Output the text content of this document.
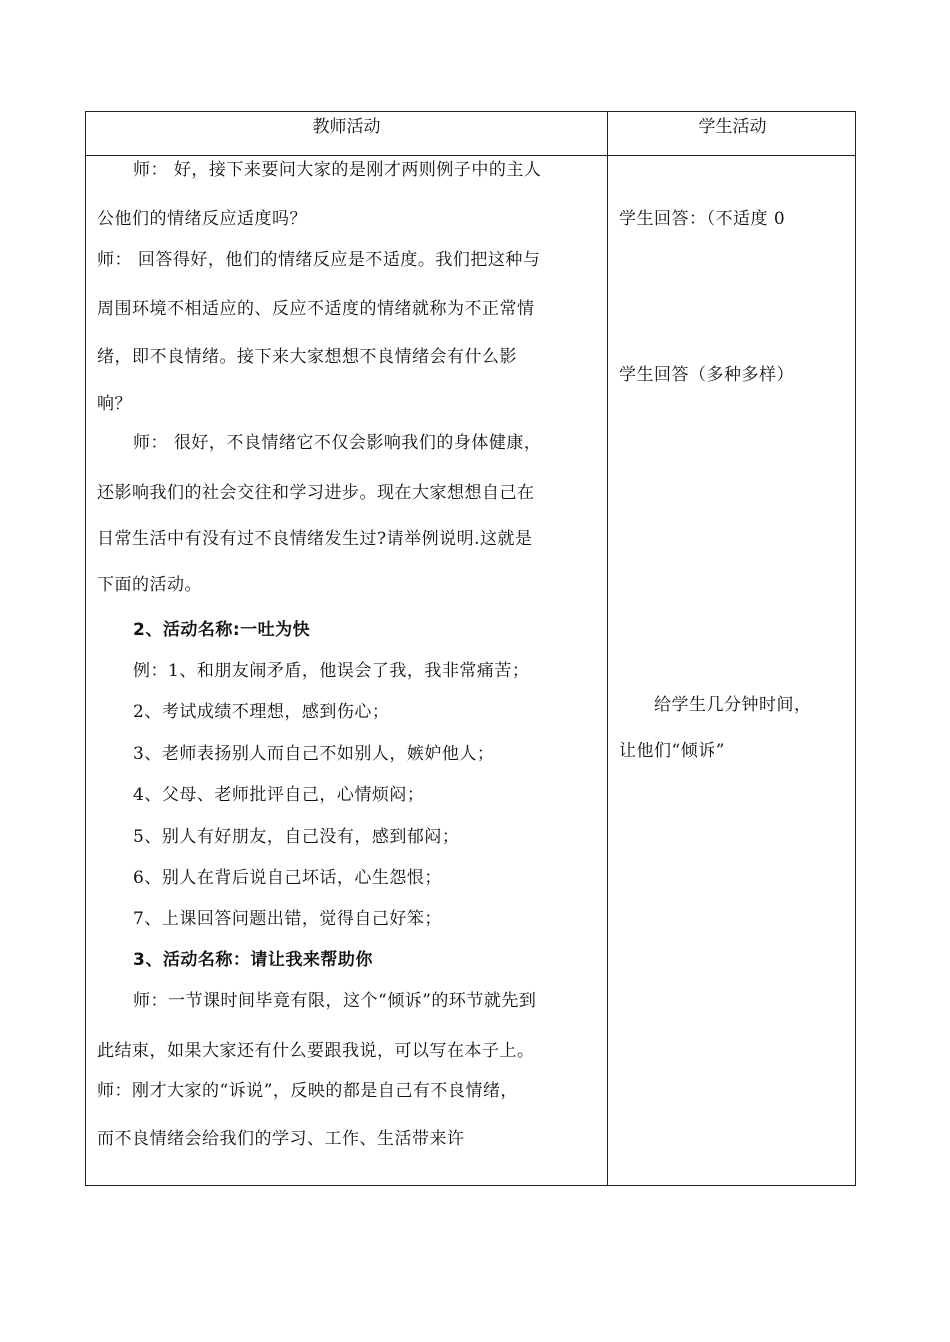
教师活动	学生活动
师： 好，接下来要问大家的是刚才两则例子中的主人
公他们的情绪反应适度吗？
师： 回答得好，他们的情绪反应是不适度。我们把这种与
周围环境不相适应的、反应不适度的情绪就称为不正常情
绪，即不良情绪。接下来大家想想不良情绪会有什么影
响？
师： 很好，不良情绪它不仅会影响我们的身体健康，
还影响我们的社会交往和学习进步。现在大家想想自己在
日常生活中有没有过不良情绪发生过?请举例说明.这就是
下面的活动。
2、活动名称:一吐为快
例：1、和朋友闹矛盾，他误会了我，我非常痛苦；
2、考试成绩不理想，感到伤心；
3、老师表扬别人而自己不如别人，嫉妒他人；
4、父母、老师批评自己，心情烦闷；
5、别人有好朋友，自己没有，感到郁闷；
6、别人在背后说自己坏话，心生怨恨；
7、上课回答问题出错，觉得自己好笨；
3、活动名称：请让我来帮助你
师：一节课时间毕竟有限，这个“倾诉”的环节就先到
此结束，如果大家还有什么要跟我说，可以写在本子上。
师：刚才大家的“诉说”，反映的都是自己有不良情绪，
而不良情绪会给我们的学习、工作、生活带来许
学生回答：（不适度 0
学生回答（多种多样）
给学生几分钟时间，
让他们“倾诉”
